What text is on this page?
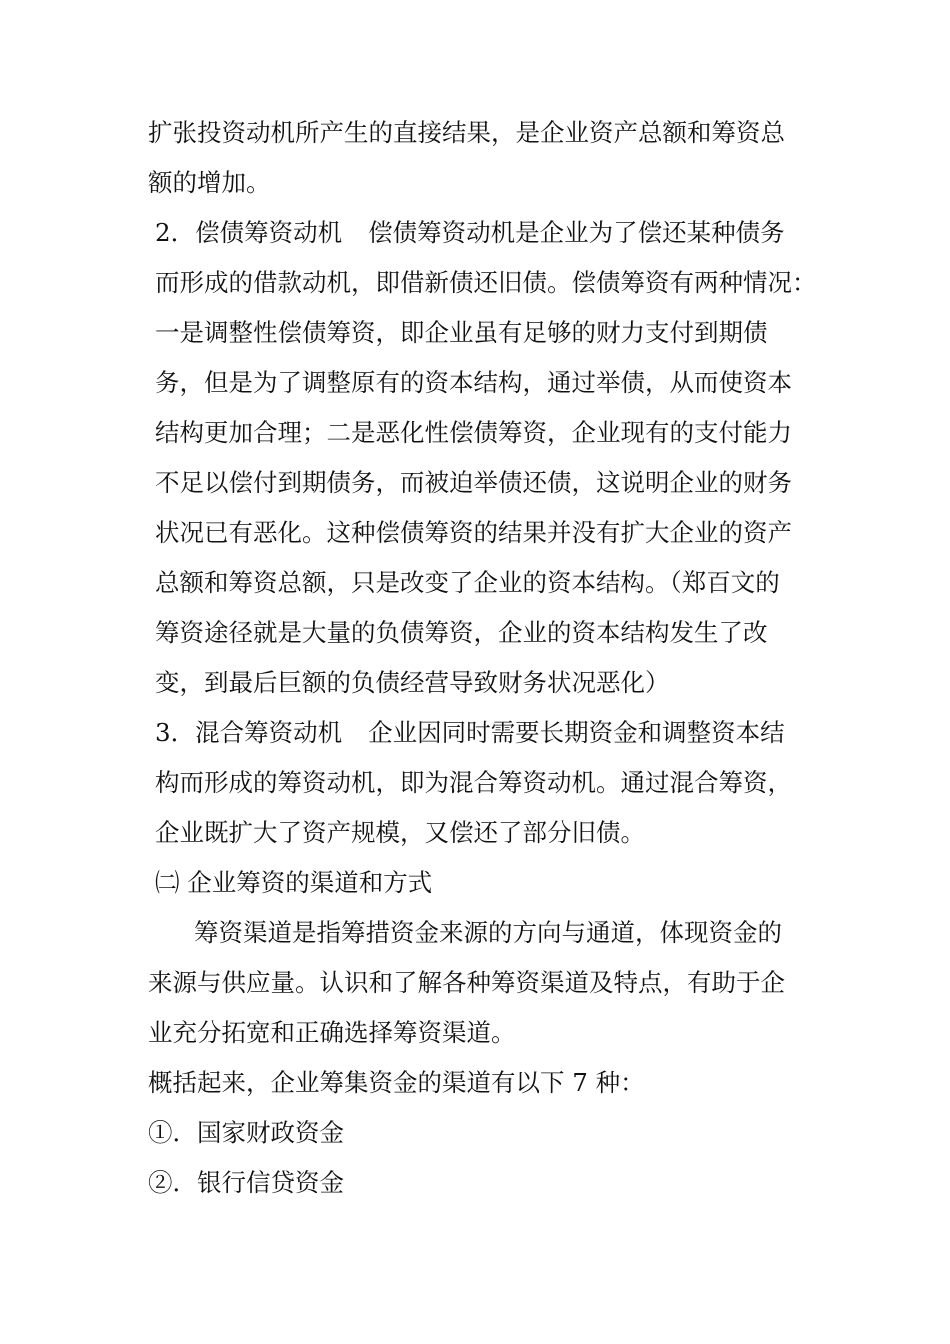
扩张投资动机所产生的直接结果，是企业资产总额和筹资总
额的增加。
2．偿债筹资动机 偿债筹资动机是企业为了偿还某种债务
而形成的借款动机，即借新债还旧债。偿债筹资有两种情况：
一是调整性偿债筹资，即企业虽有足够的财力支付到期债
务，但是为了调整原有的资本结构，通过举债，从而使资本
结构更加合理；二是恶化性偿债筹资，企业现有的支付能力
不足以偿付到期债务，而被迫举债还债，这说明企业的财务
状况已有恶化。这种偿债筹资的结果并没有扩大企业的资产
总额和筹资总额，只是改变了企业的资本结构。（郑百文的
筹资途径就是大量的负债筹资，企业的资本结构发生了改
变，到最后巨额的负债经营导致财务状况恶化）
3．混合筹资动机 企业因同时需要长期资金和调整资本结
构而形成的筹资动机，即为混合筹资动机。通过混合筹资，
企业既扩大了资产规模，又偿还了部分旧债。
㈡ 企业筹资的渠道和方式
筹资渠道是指筹措资金来源的方向与通道，体现资金的
来源与供应量。认识和了解各种筹资渠道及特点，有助于企
业充分拓宽和正确选择筹资渠道。
概括起来，企业筹集资金的渠道有以下 7 种：
①．国家财政资金
②．银行信贷资金
